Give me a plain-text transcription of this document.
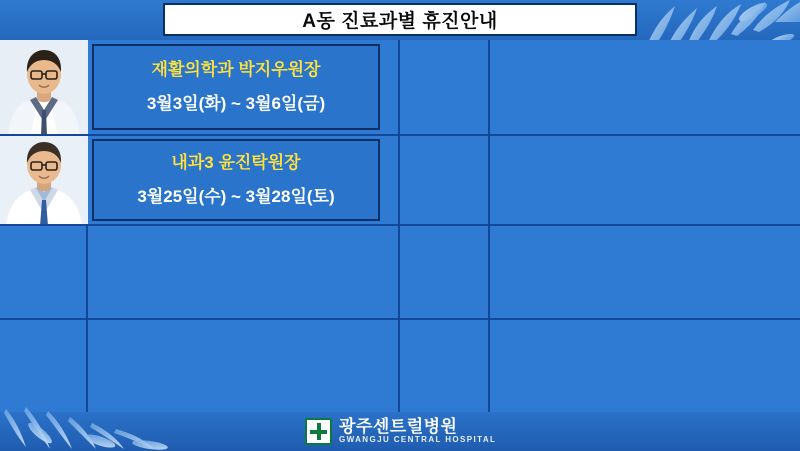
A동 진료과별 휴진안내
재활의학과 박지우원장
3월3일(화) ~ 3월6일(금)
내과3 윤진탁원장
3월25일(수) ~ 3월28일(토)
광주센트럴병원
GWANGJU CENTRAL HOSPITAL
